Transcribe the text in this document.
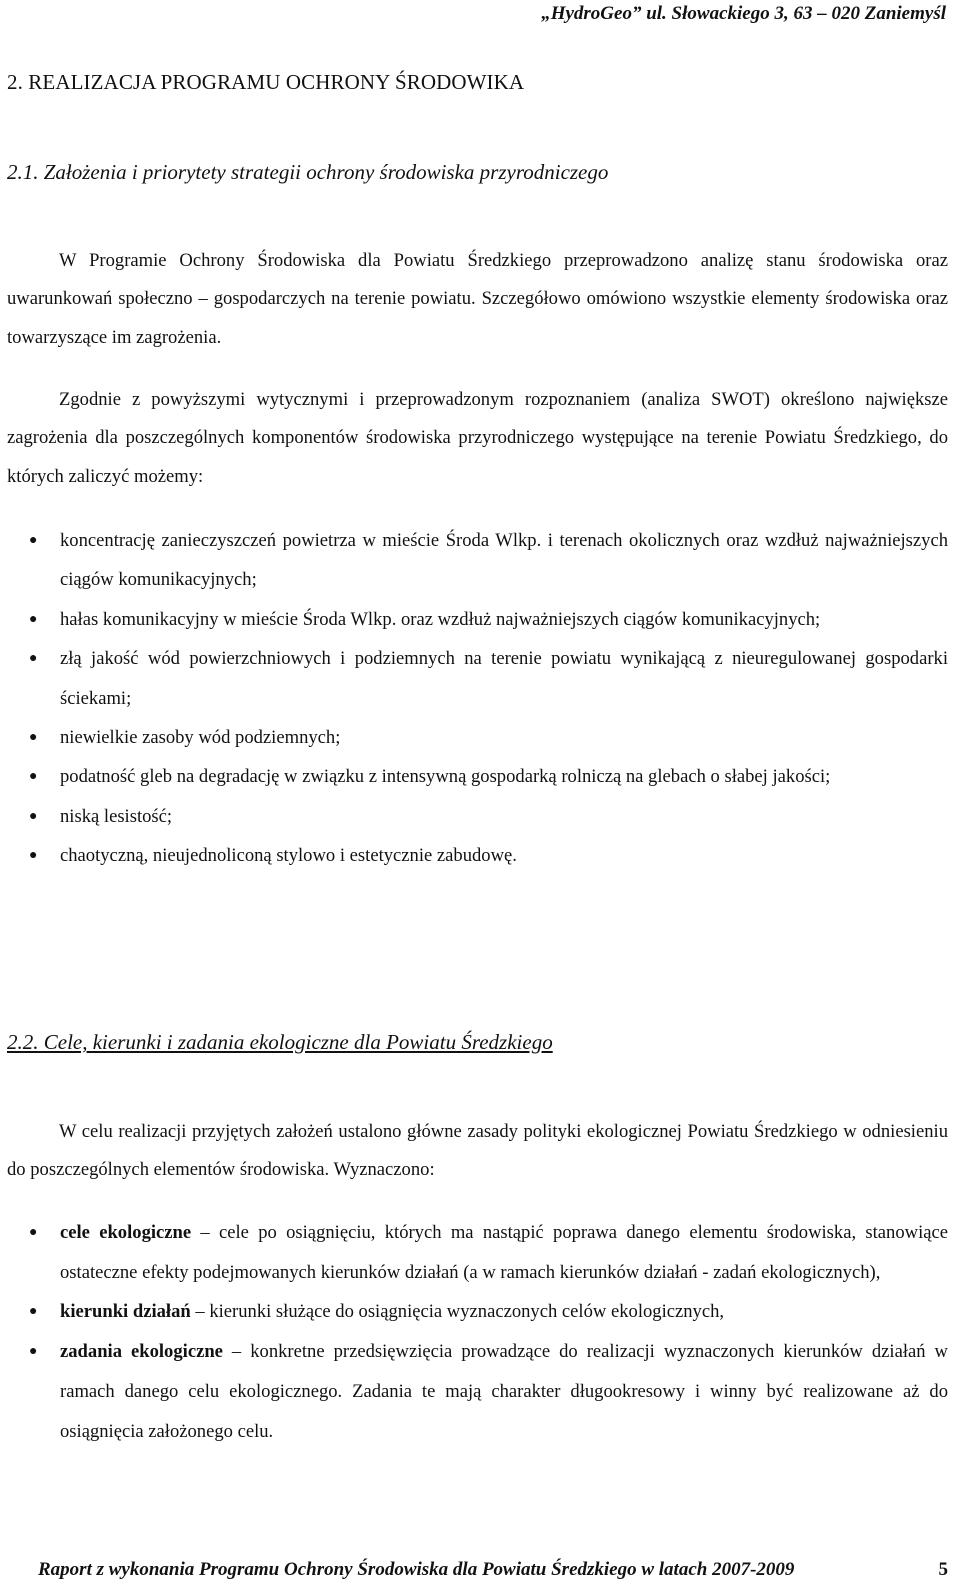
„HydroGeo” ul. Słowackiego 3, 63 – 020 Zaniemyśl
2. REALIZACJA PROGRAMU OCHRONY ŚRODOWIKA
2.1. Założenia i priorytety strategii ochrony środowiska przyrodniczego
W Programie Ochrony Środowiska dla Powiatu Średzkiego przeprowadzono analizę stanu środowiska oraz uwarunkowań społeczno – gospodarczych na terenie powiatu. Szczegółowo omówiono wszystkie elementy środowiska oraz towarzyszące im zagrożenia.
Zgodnie z powyższymi wytycznymi i przeprowadzonym rozpoznaniem (analiza SWOT) określono największe zagrożenia dla poszczególnych komponentów środowiska przyrodniczego występujące na terenie Powiatu Średzkiego, do których zaliczyć możemy:
● koncentrację zanieczyszczeń powietrza w mieście Środa Wlkp. i terenach okolicznych oraz wzdłuż najważniejszych ciągów komunikacyjnych;
● hałas komunikacyjny w mieście Środa Wlkp. oraz wzdłuż najważniejszych ciągów komunikacyjnych;
● złą jakość wód powierzchniowych i podziemnych na terenie powiatu wynikającą z nieuregulowanej gospodarki ściekami;
● niewielkie zasoby wód podziemnych;
● podatność gleb na degradację w związku z intensywną gospodarką rolniczą na glebach o słabej jakości;
● niską lesistość;
● chaotyczną, nieujednoliconą stylowo i estetycznie zabudowę.
2.2. Cele, kierunki i zadania ekologiczne dla Powiatu Średzkiego
W celu realizacji przyjętych założeń ustalono główne zasady polityki ekologicznej Powiatu Średzkiego w odniesieniu do poszczególnych elementów środowiska. Wyznaczono:
● cele ekologiczne – cele po osiągnięciu, których ma nastąpić poprawa danego elementu środowiska, stanowiące ostateczne efekty podejmowanych kierunków działań (a w ramach kierunków działań - zadań ekologicznych),
● kierunki działań – kierunki służące do osiągnięcia wyznaczonych celów ekologicznych,
● zadania ekologiczne – konkretne przedsięwzięcia prowadzące do realizacji wyznaczonych kierunków działań w ramach danego celu ekologicznego. Zadania te mają charakter długookresowy i winny być realizowane aż do osiągnięcia założonego celu.
Raport z wykonania Programu Ochrony Środowiska dla Powiatu Średzkiego w latach 2007-2009	5
